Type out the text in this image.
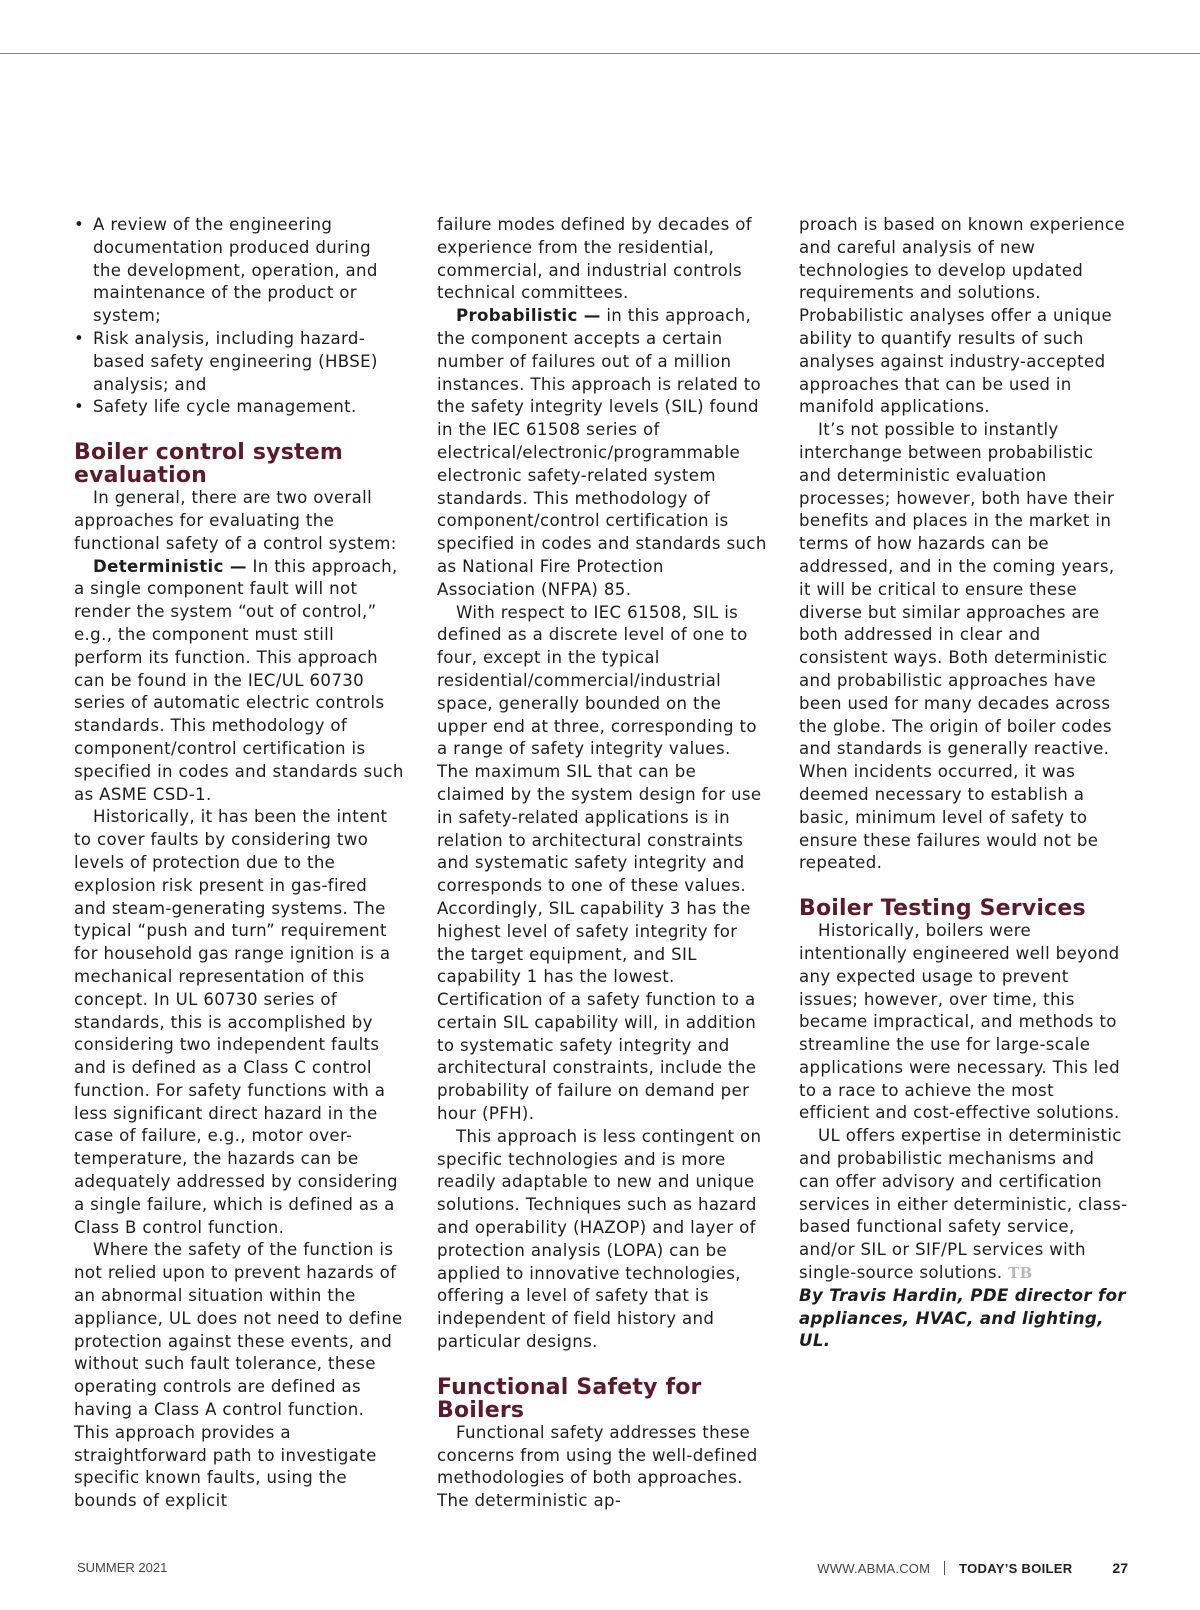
• A review of the engineering documentation produced during the development, operation, and maintenance of the product or system;
• Risk analysis, including hazard-based safety engineering (HBSE) analysis; and
• Safety life cycle management.
Boiler control system evaluation

In general, there are two overall approaches for evaluating the functional safety of a control system:

Deterministic — In this approach, a single component fault will not render the system “out of control,” e.g., the component must still perform its function. This approach can be found in the IEC/UL 60730 series of automatic electric controls standards. This methodology of component/control certification is specified in codes and standards such as ASME CSD-1.

Historically, it has been the intent to cover faults by considering two levels of protection due to the explosion risk present in gas-fired and steam-generating systems. The typical “push and turn” requirement for household gas range ignition is a mechanical representation of this concept. In UL 60730 series of standards, this is accomplished by considering two independent faults and is defined as a Class C control function. For safety functions with a less significant direct hazard in the case of failure, e.g., motor over-temperature, the hazards can be adequately addressed by considering a single failure, which is defined as a Class B control function.

Where the safety of the function is not relied upon to prevent hazards of an abnormal situation within the appliance, UL does not need to define protection against these events, and without such fault tolerance, these operating controls are defined as having a Class A control function. This approach provides a straightforward path to investigate specific known faults, using the bounds of explicit

failure modes defined by decades of experience from the residential, commercial, and industrial controls technical committees.

Probabilistic — in this approach, the component accepts a certain number of failures out of a million instances. This approach is related to the safety integrity levels (SIL) found in the IEC 61508 series of electrical/electronic/programmable electronic safety-related system standards. This methodology of component/control certification is specified in codes and standards such as National Fire Protection Association (NFPA) 85.

With respect to IEC 61508, SIL is defined as a discrete level of one to four, except in the typical residential/commercial/industrial space, generally bounded on the upper end at three, corresponding to a range of safety integrity values. The maximum SIL that can be claimed by the system design for use in safety-related applications is in relation to architectural constraints and systematic safety integrity and corresponds to one of these values. Accordingly, SIL capability 3 has the highest level of safety integrity for the target equipment, and SIL capability 1 has the lowest. Certification of a safety function to a certain SIL capability will, in addition to systematic safety integrity and architectural constraints, include the probability of failure on demand per hour (PFH).

This approach is less contingent on specific technologies and is more readily adaptable to new and unique solutions. Techniques such as hazard and operability (HAZOP) and layer of protection analysis (LOPA) can be applied to innovative technologies, offering a level of safety that is independent of field history and particular designs.

Functional Safety for Boilers

Functional safety addresses these concerns from using the well-defined methodologies of both approaches. The deterministic ap-

proach is based on known experience and careful analysis of new technologies to develop updated requirements and solutions. Probabilistic analyses offer a unique ability to quantify results of such analyses against industry-accepted approaches that can be used in manifold applications.

It’s not possible to instantly interchange between probabilistic and deterministic evaluation processes; however, both have their benefits and places in the market in terms of how hazards can be addressed, and in the coming years, it will be critical to ensure these diverse but similar approaches are both addressed in clear and consistent ways. Both deterministic and probabilistic approaches have been used for many decades across the globe. The origin of boiler codes and standards is generally reactive. When incidents occurred, it was deemed necessary to establish a basic, minimum level of safety to ensure these failures would not be repeated.

Boiler Testing Services

Historically, boilers were intentionally engineered well beyond any expected usage to prevent issues; however, over time, this became impractical, and methods to streamline the use for large-scale applications were necessary. This led to a race to achieve the most efficient and cost-effective solutions.

UL offers expertise in deterministic and probabilistic mechanisms and can offer advisory and certification services in either deterministic, class-based functional safety service, and/or SIL or SIF/PL services with single-source solutions. TB

By Travis Hardin, PDE director for appliances, HVAC, and lighting, UL.

SUMMER 2021	WWW.ABMA.COM TODAY’S BOILER	27
